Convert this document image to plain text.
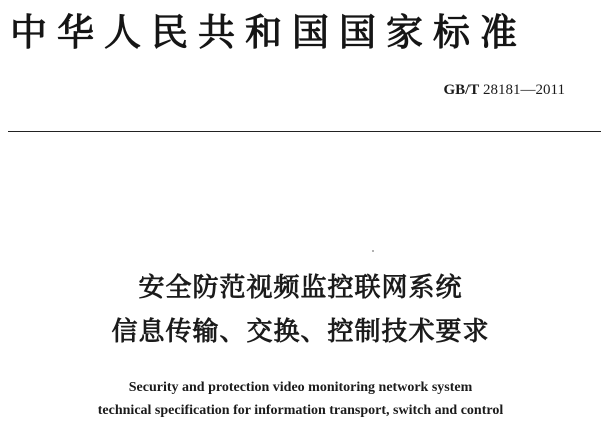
中华人民共和国国家标准
GB/T 28181—2011
安全防范视频监控联网系统
信息传输、交换、控制技术要求

Security and protection video monitoring network system

technical specification for information transport, switch and control
